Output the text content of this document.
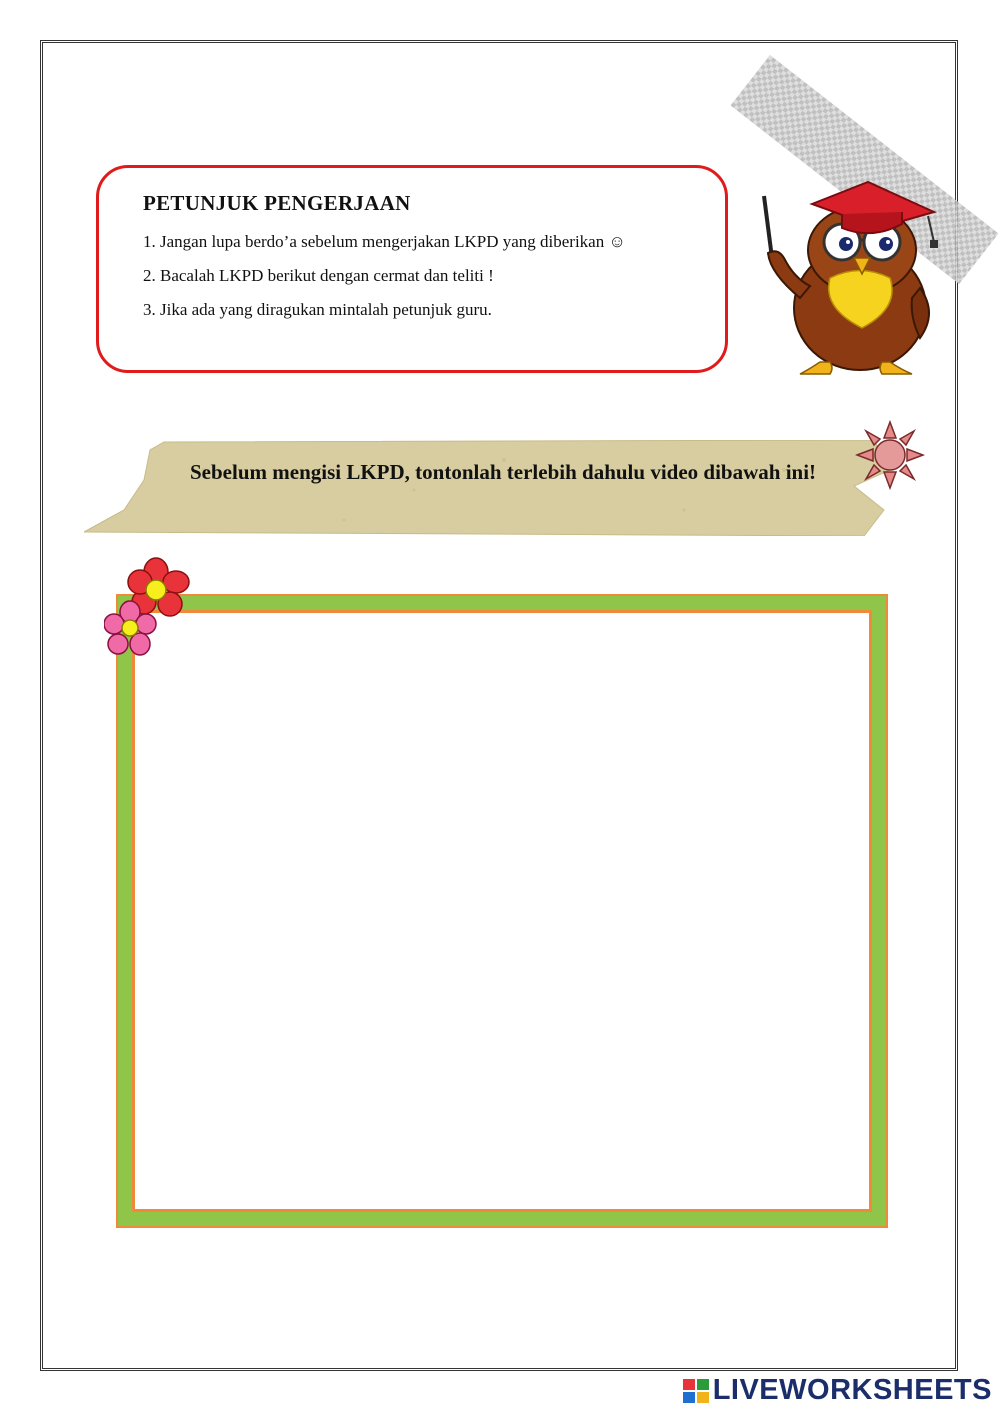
PETUNJUK PENGERJAAN
1. Jangan lupa berdo’a sebelum mengerjakan LKPD yang diberikan ☺
2. Bacalah LKPD berikut dengan cermat dan teliti !
3. Jika ada yang diragukan mintalah petunjuk guru.
Sebelum mengisi LKPD, tontonlah terlebih dahulu video dibawah ini!
LIVEWORKSHEETS
